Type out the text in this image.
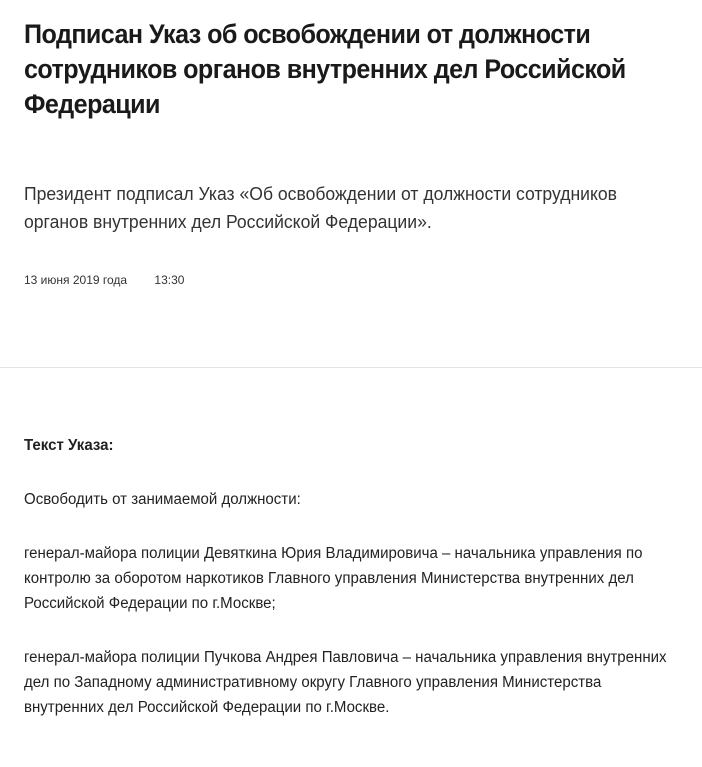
Подписан Указ об освобождении от должности сотрудников органов внутренних дел Российской Федерации

Президент подписал Указ «Об освобождении от должности сотрудников органов внутренних дел Российской Федерации».

13 июня 2019 года 13:30

Текст Указа:

Освободить от занимаемой должности:

генерал-майора полиции Девяткина Юрия Владимировича – начальника управления по контролю за оборотом наркотиков Главного управления Министерства внутренних дел Российской Федерации по г.Москве;

генерал-майора полиции Пучкова Андрея Павловича – начальника управления внутренних дел по Западному административному округу Главного управления Министерства внутренних дел Российской Федерации по г.Москве.
